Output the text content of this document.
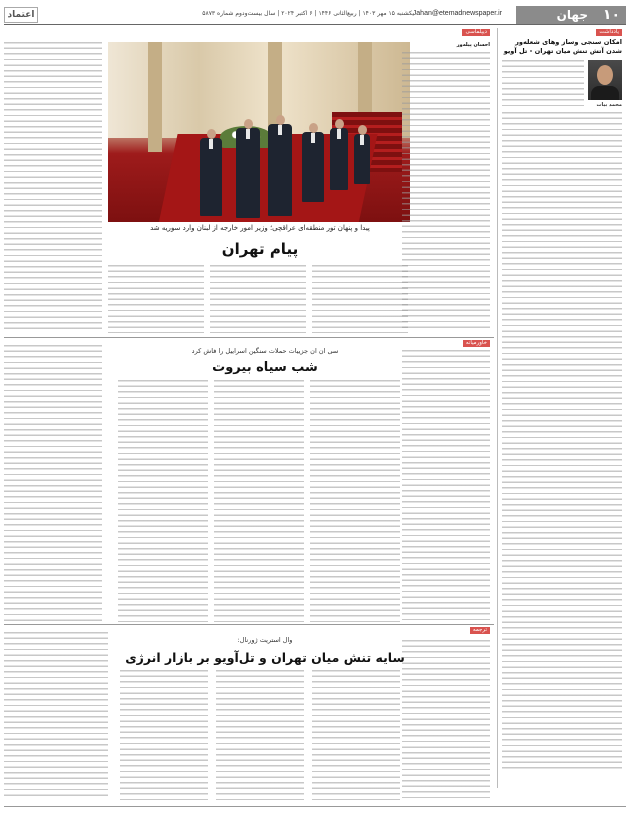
۱۰
جهان
Jahan@etemadnewspaper.ir
یکشنبه ۱۵ مهر ۱۴۰۳ | ربیع‌الثانی ۱۴۴۶ | ۶ اکتبر ۲۰۲۴ | سال بیست‌ودوم شماره ۵۸۷۳
اعتماد
یادداشت
امکان سنجی وساز وهای شعله‌ور شدن آتش تنش میان تهران - تل آویو
محمد بیات
دیپلماسی
احسان پیله‌ور
پیدا و پنهان تور منطقه‌ای عراقچی؛ وزیر امور خارجه از لبنان وارد سوریه شد
پیام تهران
خاورمیانه
سی ان ان جزییات حملات سنگین اسراییل را فاش کرد
شب سیاه بیروت
ترجمه
وال استریت ژورنال:
سایه تنش میان تهران و تل‌آویو بر بازار انرژی
